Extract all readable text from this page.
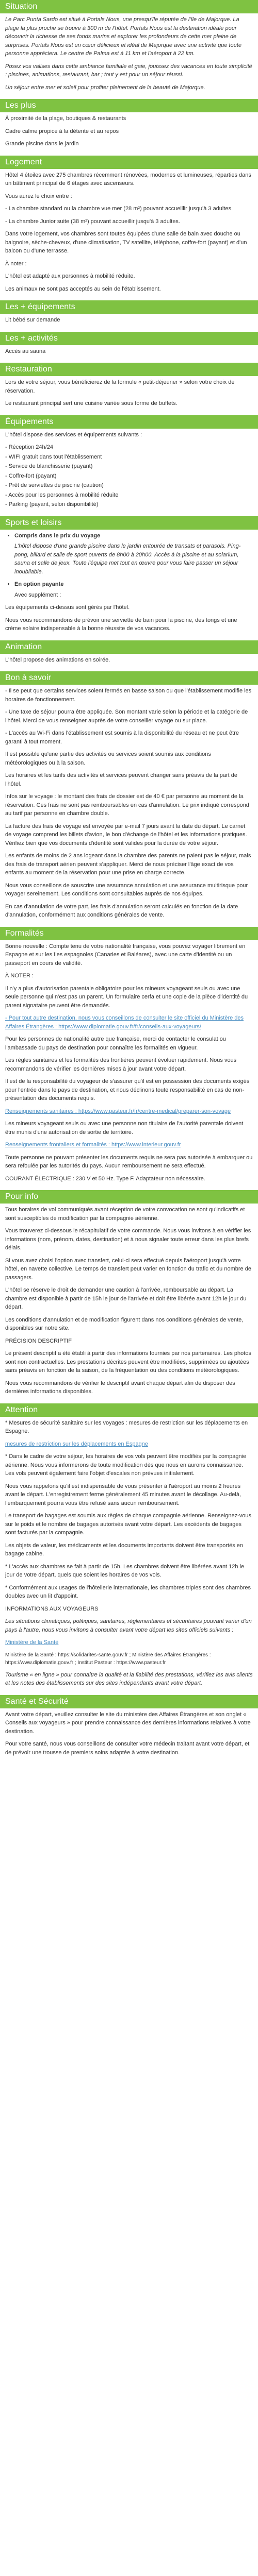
Situation

Le Parc Punta Sardo est situé à Portals Nous, une presqu'île réputée de l'île de Majorque. La plage la plus proche se trouve à 300 m de l'hôtel. Portals Nous est la destination idéale pour découvrir la richesse de ses fonds marins et explorer les profondeurs de cette mer pleine de surprises. Portals Nous est un cœur délicieux et idéal de Majorque avec une activité que toute personne appréciera. Le centre de Palma est à 11 km et l'aéroport à 22 km.

Posez vos valises dans cette ambiance familiale et gaie, jouissez des vacances en toute simplicité : piscines, animations, restaurant, bar ; tout y est pour un séjour réussi.

Un séjour entre mer et soleil pour profiter pleinement de la beauté de Majorque.

Les plus

À proximité de la plage, boutiques & restaurants

Cadre calme propice à la détente et au repos

Grande piscine dans le jardin

Logement

Hôtel 4 étoiles avec 275 chambres récemment rénovées, modernes et lumineuses, réparties dans un bâtiment principal de 6 étages avec ascenseurs.

Vous aurez le choix entre :

- La chambre standard ou la chambre vue mer (28 m²) pouvant accueillir jusqu'à 3 adultes.

- La chambre Junior suite (38 m²) pouvant accueillir jusqu'à 3 adultes.

Dans votre logement, vos chambres sont toutes équipées d'une salle de bain avec douche ou baignoire, sèche-cheveux, d'une climatisation, TV satellite, téléphone, coffre-fort (payant) et d'un balcon ou d'une terrasse.

À noter :

L'hôtel est adapté aux personnes à mobilité réduite.

Les animaux ne sont pas acceptés au sein de l'établissement.

Les + équipements

Lit bébé sur demande

Les + activités

Accès au sauna

Restauration

Lors de votre séjour, vous bénéficierez de la formule « petit-déjeuner » selon votre choix de réservation.

Le restaurant principal sert une cuisine variée sous forme de buffets.

Équipements

L'hôtel dispose des services et équipements suivants :

- Réception 24h/24

- WIFI gratuit dans tout l'établissement

- Service de blanchisserie (payant)

- Coffre-fort (payant)

- Prêt de serviettes de piscine (caution)

- Accès pour les personnes à mobilité réduite

- Parking (payant, selon disponibilité)

Sports et loisirs
• Compris dans le prix du voyage

L'hôtel dispose d'une grande piscine dans le jardin entourée de transats et parasols. Ping-pong, billard et salle de sport ouverts de 8h00 à 20h00. Accès à la piscine et au solarium, sauna et salle de jeux. Toute l'équipe met tout en œuvre pour vous faire passer un séjour inoubliable.

• En option payante

Avec supplément :

Les équipements ci-dessus sont gérés par l'hôtel.

Nous vous recommandons de prévoir une serviette de bain pour la piscine, des tongs et une crème solaire indispensable à la bonne réussite de vos vacances.

Animation

L'hôtel propose des animations en soirée.

Bon à savoir

- Il se peut que certains services soient fermés en basse saison ou que l'établissement modifie les horaires de fonctionnement.

- Une taxe de séjour pourra être appliquée. Son montant varie selon la période et la catégorie de l'hôtel. Merci de vous renseigner auprès de votre conseiller voyage ou sur place.

- L'accès au Wi-Fi dans l'établissement est soumis à la disponibilité du réseau et ne peut être garanti à tout moment.

Il est possible qu'une partie des activités ou services soient soumis aux conditions météorologiques ou à la saison.

Les horaires et les tarifs des activités et services peuvent changer sans préavis de la part de l'hôtel.

Infos sur le voyage : le montant des frais de dossier est de 40 € par personne au moment de la réservation. Ces frais ne sont pas remboursables en cas d'annulation. Le prix indiqué correspond au tarif par personne en chambre double.

La facture des frais de voyage est envoyée par e-mail 7 jours avant la date du départ. Le carnet de voyage comprend les billets d'avion, le bon d'échange de l'hôtel et les informations pratiques. Vérifiez bien que vos documents d'identité sont valides pour la durée de votre séjour.

Les enfants de moins de 2 ans logeant dans la chambre des parents ne paient pas le séjour, mais des frais de transport aérien peuvent s'appliquer. Merci de nous préciser l'âge exact de vos enfants au moment de la réservation pour une prise en charge correcte.

Nous vous conseillons de souscrire une assurance annulation et une assurance multirisque pour voyager sereinement. Les conditions sont consultables auprès de nos équipes.

En cas d'annulation de votre part, les frais d'annulation seront calculés en fonction de la date d'annulation, conformément aux conditions générales de vente.

Formalités

Bonne nouvelle : Compte tenu de votre nationalité française, vous pouvez voyager librement en Espagne et sur les îles espagnoles (Canaries et Baléares), avec une carte d'identité ou un passeport en cours de validité.

À NOTER :

Il n'y a plus d'autorisation parentale obligatoire pour les mineurs voyageant seuls ou avec une seule personne qui n'est pas un parent. Un formulaire cerfa et une copie de la pièce d'identité du parent signataire peuvent être demandés.

- Pour tout autre destination, nous vous conseillons de consulter le site officiel du Ministère des Affaires Étrangères : https://www.diplomatie.gouv.fr/fr/conseils-aux-voyageurs/

Pour les personnes de nationalité autre que française, merci de contacter le consulat ou l'ambassade du pays de destination pour connaître les formalités en vigueur.

Les règles sanitaires et les formalités des frontières peuvent évoluer rapidement. Nous vous recommandons de vérifier les dernières mises à jour avant votre départ.

Il est de la responsabilité du voyageur de s'assurer qu'il est en possession des documents exigés pour l'entrée dans le pays de destination, et nous déclinons toute responsabilité en cas de non-présentation des documents requis.

Renseignements sanitaires : https://www.pasteur.fr/fr/centre-medical/preparer-son-voyage

Les mineurs voyageant seuls ou avec une personne non titulaire de l'autorité parentale doivent être munis d'une autorisation de sortie de territoire.

Renseignements frontaliers et formalités : https://www.interieur.gouv.fr

Toute personne ne pouvant présenter les documents requis ne sera pas autorisée à embarquer ou sera refoulée par les autorités du pays. Aucun remboursement ne sera effectué.

COURANT ÉLECTRIQUE : 230 V et 50 Hz. Type F. Adaptateur non nécessaire.

Pour info

Tous horaires de vol communiqués avant réception de votre convocation ne sont qu'indicatifs et sont susceptibles de modification par la compagnie aérienne.

Vous trouverez ci-dessous le récapitulatif de votre commande. Nous vous invitons à en vérifier les informations (nom, prénom, dates, destination) et à nous signaler toute erreur dans les plus brefs délais.

Si vous avez choisi l'option avec transfert, celui-ci sera effectué depuis l'aéroport jusqu'à votre hôtel, en navette collective. Le temps de transfert peut varier en fonction du trafic et du nombre de passagers.

L'hôtel se réserve le droit de demander une caution à l'arrivée, remboursable au départ. La chambre est disponible à partir de 15h le jour de l'arrivée et doit être libérée avant 12h le jour du départ.

Les conditions d'annulation et de modification figurent dans nos conditions générales de vente, disponibles sur notre site.

PRÉCISION DESCRIPTIF

Le présent descriptif a été établi à partir des informations fournies par nos partenaires. Les photos sont non contractuelles. Les prestations décrites peuvent être modifiées, supprimées ou ajoutées sans préavis en fonction de la saison, de la fréquentation ou des conditions météorologiques.

Nous vous recommandons de vérifier le descriptif avant chaque départ afin de disposer des dernières informations disponibles.

Attention

* Mesures de sécurité sanitaire sur les voyages : mesures de restriction sur les déplacements en Espagne.

mesures de restriction sur les déplacements en Espagne

* Dans le cadre de votre séjour, les horaires de vos vols peuvent être modifiés par la compagnie aérienne. Nous vous informerons de toute modification dès que nous en aurons connaissance. Les vols peuvent également faire l'objet d'escales non prévues initialement.

Nous vous rappelons qu'il est indispensable de vous présenter à l'aéroport au moins 2 heures avant le départ. L'enregistrement ferme généralement 45 minutes avant le décollage. Au-delà, l'embarquement pourra vous être refusé sans aucun remboursement.

Le transport de bagages est soumis aux règles de chaque compagnie aérienne. Renseignez-vous sur le poids et le nombre de bagages autorisés avant votre départ. Les excédents de bagages sont facturés par la compagnie.

Les objets de valeur, les médicaments et les documents importants doivent être transportés en bagage cabine.

* L'accès aux chambres se fait à partir de 15h. Les chambres doivent être libérées avant 12h le jour de votre départ, quels que soient les horaires de vos vols.

* Conformément aux usages de l'hôtellerie internationale, les chambres triples sont des chambres doubles avec un lit d'appoint.

INFORMATIONS AUX VOYAGEURS

Les situations climatiques, politiques, sanitaires, réglementaires et sécuritaires pouvant varier d'un pays à l'autre, nous vous invitons à consulter avant votre départ les sites officiels suivants :

Ministère de la Santé

Ministère de la Santé : https://solidarites-sante.gouv.fr ; Ministère des Affaires Étrangères : https://www.diplomatie.gouv.fr ; Institut Pasteur : https://www.pasteur.fr

Tourisme « en ligne » pour connaître la qualité et la fiabilité des prestations, vérifiez les avis clients et les notes des établissements sur des sites indépendants avant votre départ.

Santé et Sécurité

Avant votre départ, veuillez consulter le site du ministère des Affaires Étrangères et son onglet « Conseils aux voyageurs » pour prendre connaissance des dernières informations relatives à votre destination.

Pour votre santé, nous vous conseillons de consulter votre médecin traitant avant votre départ, et de prévoir une trousse de premiers soins adaptée à votre destination.
